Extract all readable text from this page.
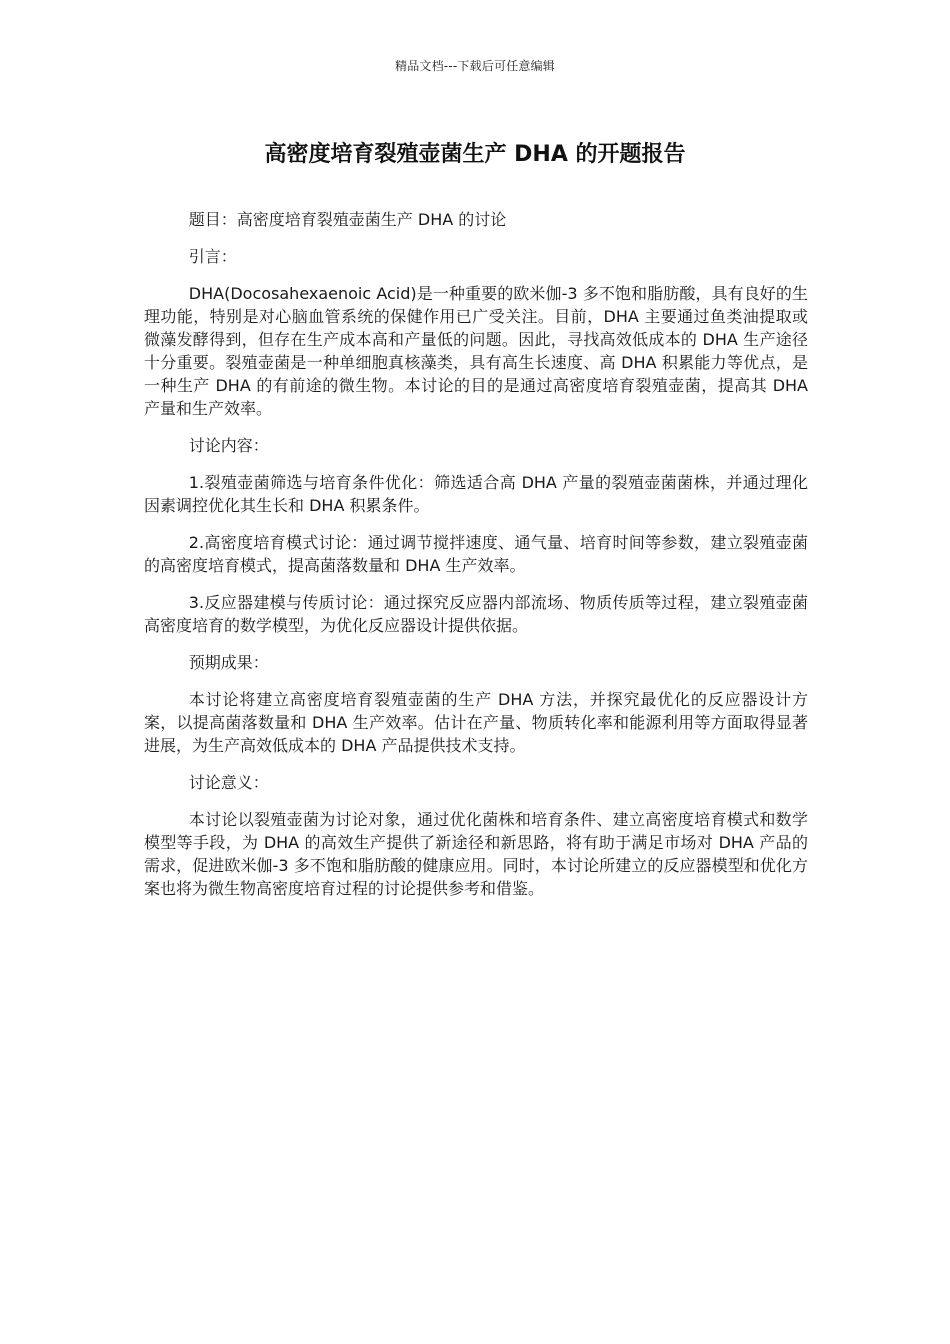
精品文档---下载后可任意编辑
高密度培育裂殖壶菌生产 DHA 的开题报告

题目：高密度培育裂殖壶菌生产 DHA 的讨论

引言：

DHA(Docosahexaenoic Acid)是一种重要的欧米伽-3 多不饱和脂肪酸，具有良好的生理功能，特别是对心脑血管系统的保健作用已广受关注。目前，DHA 主要通过鱼类油提取或微藻发酵得到，但存在生产成本高和产量低的问题。因此，寻找高效低成本的 DHA 生产途径十分重要。裂殖壶菌是一种单细胞真核藻类，具有高生长速度、高 DHA 积累能力等优点，是一种生产 DHA 的有前途的微生物。本讨论的目的是通过高密度培育裂殖壶菌，提高其 DHA 产量和生产效率。

讨论内容：

1.裂殖壶菌筛选与培育条件优化：筛选适合高 DHA 产量的裂殖壶菌菌株，并通过理化因素调控优化其生长和 DHA 积累条件。

2.高密度培育模式讨论：通过调节搅拌速度、通气量、培育时间等参数，建立裂殖壶菌的高密度培育模式，提高菌落数量和 DHA 生产效率。

3.反应器建模与传质讨论：通过探究反应器内部流场、物质传质等过程，建立裂殖壶菌高密度培育的数学模型，为优化反应器设计提供依据。

预期成果：

本讨论将建立高密度培育裂殖壶菌的生产 DHA 方法，并探究最优化的反应器设计方案，以提高菌落数量和 DHA 生产效率。估计在产量、物质转化率和能源利用等方面取得显著进展，为生产高效低成本的 DHA 产品提供技术支持。

讨论意义：

本讨论以裂殖壶菌为讨论对象，通过优化菌株和培育条件、建立高密度培育模式和数学模型等手段，为 DHA 的高效生产提供了新途径和新思路，将有助于满足市场对 DHA 产品的需求，促进欧米伽-3 多不饱和脂肪酸的健康应用。同时，本讨论所建立的反应器模型和优化方案也将为微生物高密度培育过程的讨论提供参考和借鉴。
